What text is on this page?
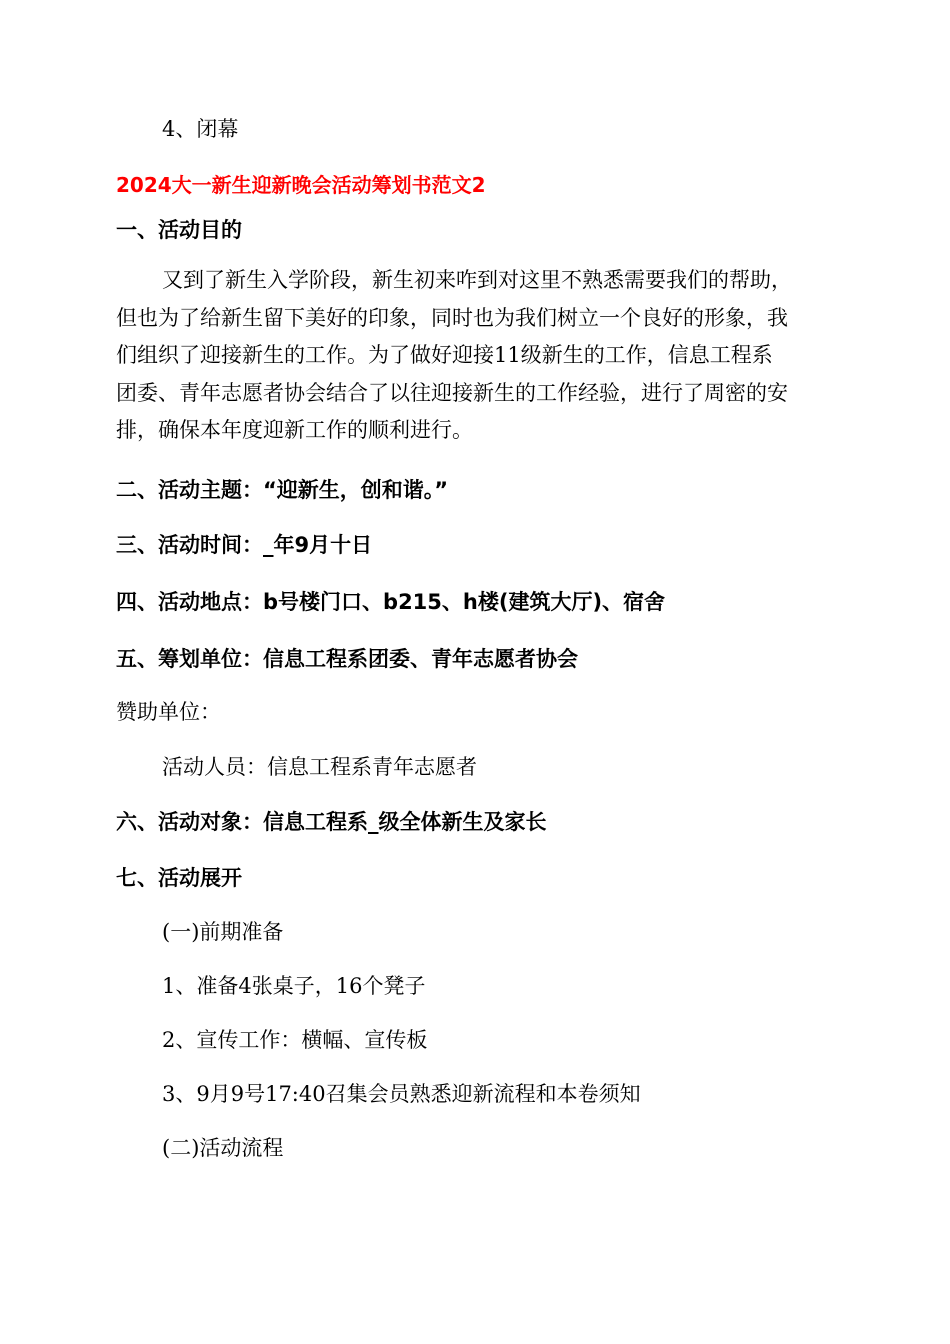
4、闭幕
2024大一新生迎新晚会活动筹划书范文2
一、活动目的
又到了新生入学阶段，新生初来咋到对这里不熟悉需要我们的帮助，
但也为了给新生留下美好的印象，同时也为我们树立一个良好的形象，我
们组织了迎接新生的工作。为了做好迎接11级新生的工作，信息工程系
团委、青年志愿者协会结合了以往迎接新生的工作经验，进行了周密的安
排，确保本年度迎新工作的顺利进行。
二、活动主题：“迎新生，创和谐。”
三、活动时间：_年9月十日
四、活动地点：b号楼门口、b215、h楼(建筑大厅)、宿舍
五、筹划单位：信息工程系团委、青年志愿者协会
赞助单位：
活动人员：信息工程系青年志愿者
六、活动对象：信息工程系_级全体新生及家长
七、活动展开
(一)前期准备
1、准备4张桌子，16个凳子
2、宣传工作：横幅、宣传板
3、9月9号17:40召集会员熟悉迎新流程和本卷须知
(二)活动流程
